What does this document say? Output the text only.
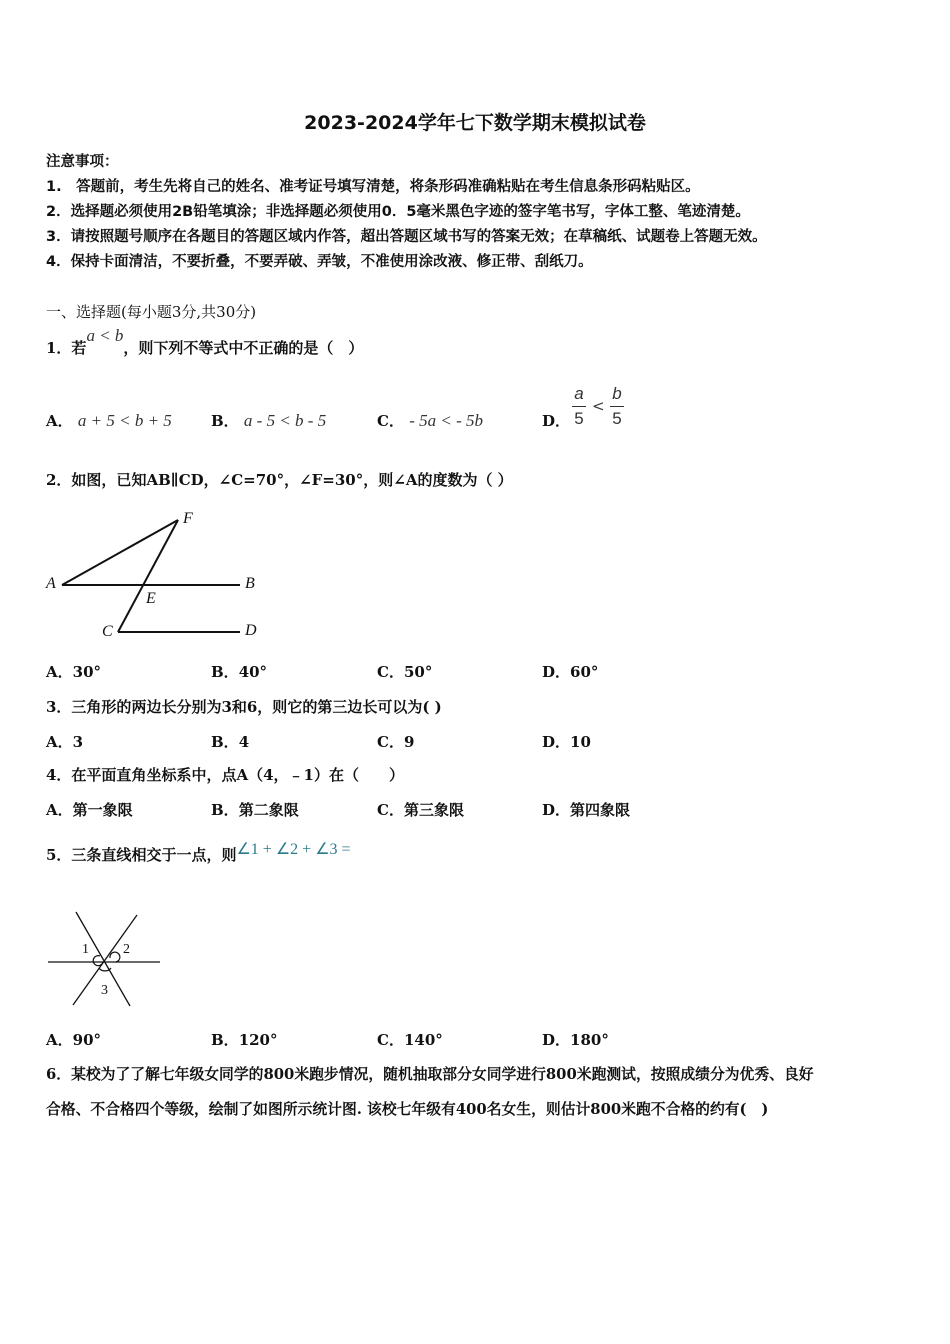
2023-2024学年七下数学期末模拟试卷
注意事项：
1.　答题前，考生先将自己的姓名、准考证号填写清楚，将条形码准确粘贴在考生信息条形码粘贴区。
2．选择题必须使用2B铅笔填涂；非选择题必须使用0．5毫米黑色字迹的签字笔书写，字体工整、笔迹清楚。
3．请按照题号顺序在各题目的答题区域内作答，超出答题区域书写的答案无效；在草稿纸、试题卷上答题无效。
4．保持卡面清洁，不要折叠，不要弄破、弄皱，不准使用涂改液、修正带、刮纸刀。
一、选择题(每小题3分,共30分)
1．若a < b，则下列不等式中不正确的是（　）
A． a + 5 < b + 5	B． a - 5 < b - 5	C． - 5a < - 5b	D．
a
5
<
b
5
2．如图，已知AB∥CD，∠C=70°，∠F=30°，则∠A的度数为（ ）
A	B
F
E
C	D
A．30°	B．40°	C．50°	D．60°
3．三角形的两边长分别为3和6，则它的第三边长可以为( )
A．3	B．4	C．9	D．10
4．在平面直角坐标系中，点A（4，﹣1）在（　　）
A．第一象限	B．第二象限	C．第三象限	D．第四象限
5．三条直线相交于一点，则∠1 + ∠2 + ∠3 =
1 2
3
A．90°	B．120°	C．140°	D．180°
6．某校为了了解七年级女同学的800米跑步情况，随机抽取部分女同学进行800米跑测试，按照成绩分为优秀、良好
合格、不合格四个等级，绘制了如图所示统计图. 该校七年级有400名女生，则估计800米跑不合格的约有(　)
